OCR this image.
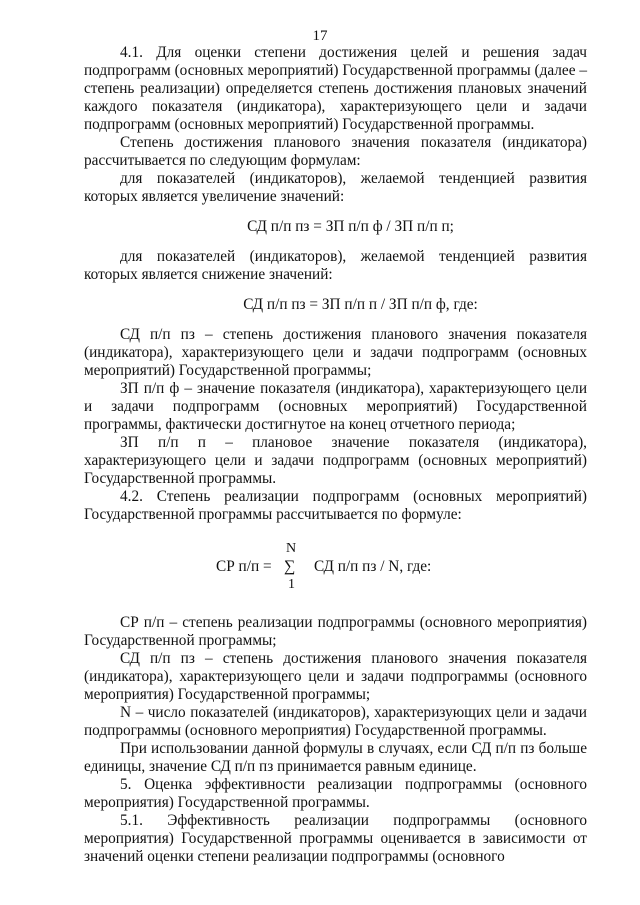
17

4.1. Для оценки степени достижения целей и решения задач подпрограмм (основных мероприятий) Государственной программы (далее – степень реализации) определяется степень достижения плановых значений каждого показателя (индикатора), характеризующего цели и задачи подпрограмм (основных мероприятий) Государственной программы.

Степень достижения планового значения показателя (индикатора) рассчитывается по следующим формулам:

для показателей (индикаторов), желаемой тенденцией развития которых является увеличение значений:

СД п/п пз = ЗП п/п ф / ЗП п/п п;

для показателей (индикаторов), желаемой тенденцией развития которых является снижение значений:

СД п/п пз = ЗП п/п п / ЗП п/п ф, где:

СД п/п пз – степень достижения планового значения показателя (индикатора), характеризующего цели и задачи подпрограмм (основных мероприятий) Государственной программы;

ЗП п/п ф – значение показателя (индикатора), характеризующего цели и задачи подпрограмм (основных мероприятий) Государственной программы, фактически достигнутое на конец отчетного периода;

ЗП п/п п – плановое значение показателя (индикатора), характеризующего цели и задачи подпрограмм (основных мероприятий) Государственной программы.

4.2. Степень реализации подпрограмм (основных мероприятий) Государственной программы рассчитывается по формуле:

СР п/п =
N
∑
1
СД п/п пз / N, где:

СР п/п – степень реализации подпрограммы (основного мероприятия) Государственной программы;

СД п/п пз – степень достижения планового значения показателя (индикатора), характеризующего цели и задачи подпрограммы (основного мероприятия) Государственной программы;

N – число показателей (индикаторов), характеризующих цели и задачи подпрограммы (основного мероприятия) Государственной программы.

При использовании данной формулы в случаях, если СД п/п пз больше единицы, значение СД п/п пз принимается равным единице.

5. Оценка эффективности реализации подпрограммы (основного мероприятия) Государственной программы.

5.1. Эффективность реализации подпрограммы (основного мероприятия) Государственной программы оценивается в зависимости от значений оценки степени реализации подпрограммы (основного
